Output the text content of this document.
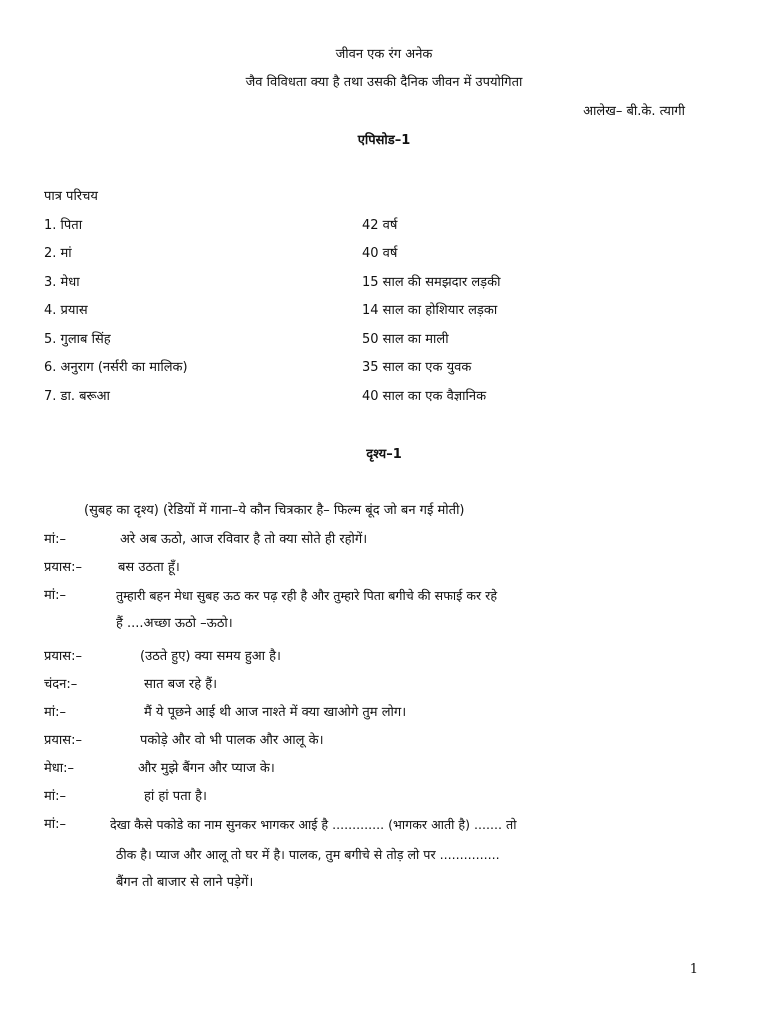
जीवन एक रंग अनेक
जैव विविधता क्या है तथा उसकी दैनिक जीवन में उपयोगिता
आलेख– बी.के. त्यागी
एपिसोड–1
पात्र परिचय
1. पिता	42 वर्ष
2. मां	40 वर्ष
3. मेधा	15 साल की समझदार लड़की
4. प्रयास	14 साल का होशियार लड़का
5. गुलाब सिंह	50 साल का माली
6. अनुराग (नर्सरी का मालिक)	35 साल का एक युवक
7. डा. बरूआ	40 साल का एक वैज्ञानिक
दृश्य–1
(सुबह का दृश्य) (रेडियों में गाना–ये कौन चित्रकार है– फिल्म बूंद जो बन गई मोती)
मां:–	अरे अब ऊठो, आज रविवार है तो क्या सोते ही रहोगें।
प्रयास:–	बस उठता हूँ।
मां:–	तुम्हारी बहन मेधा सुबह ऊठ कर पढ़ रही है और तुम्हारे पिता बगीचे की सफाई कर रहे
हैं ....अच्छा ऊठो –ऊठो।
प्रयास:–	(उठते हुए) क्या समय हुआ है।
चंदन:–	सात बज रहे हैं।
मां:–	मैं ये पूछने आई थी आज नाश्ते में क्या खाओगे तुम लोग।
प्रयास:–	पकोड़े और वो भी पालक और आलू के।
मेधा:–	और मुझे बैंगन और प्याज के।
मां:–	हां हां पता है।
मां:–	देखा कैसे पकोडे का नाम सुनकर भागकर आई है ............. (भागकर आती है) ....... तो
ठीक है। प्याज और आलू तो घर में है। पालक, तुम बगीचे से तोड़ लो पर ...............
बैंगन तो बाजार से लाने पड़ेगें।
1
